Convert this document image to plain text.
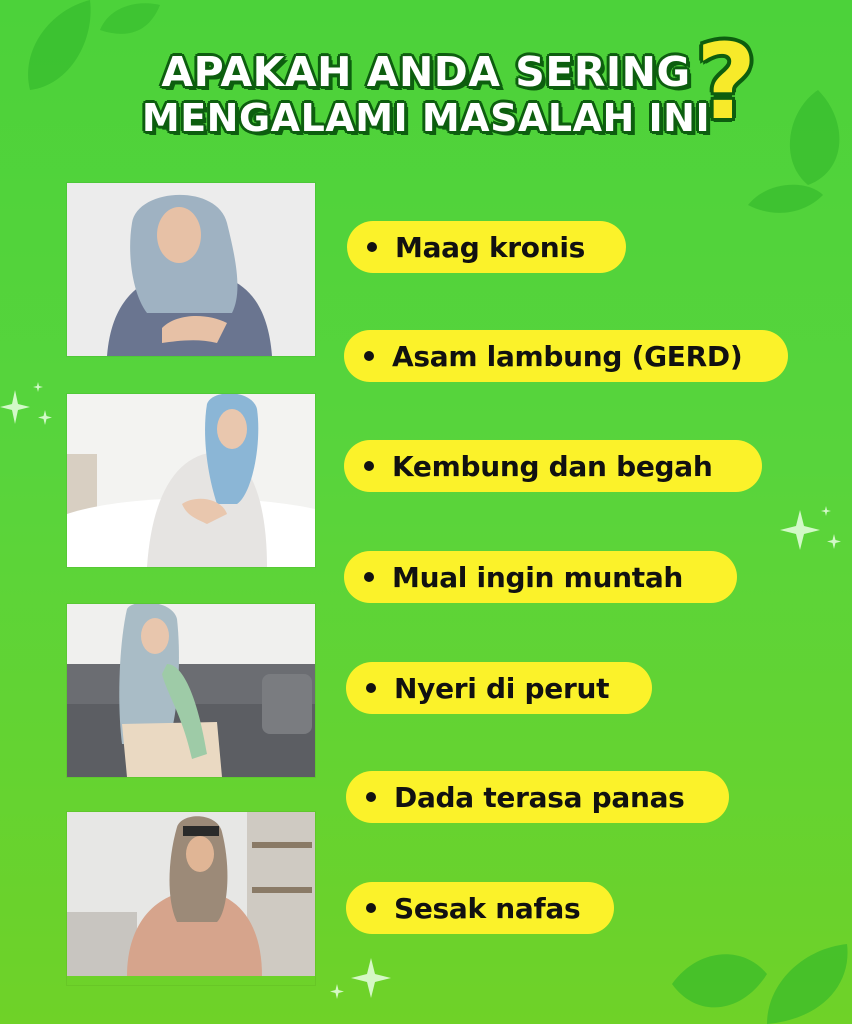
APAKAH ANDA SERING
MENGALAMI MASALAH INI
?
Maag kronis
Asam lambung (GERD)
Kembung dan begah
Mual ingin muntah
Nyeri di perut
Dada terasa panas
Sesak nafas
